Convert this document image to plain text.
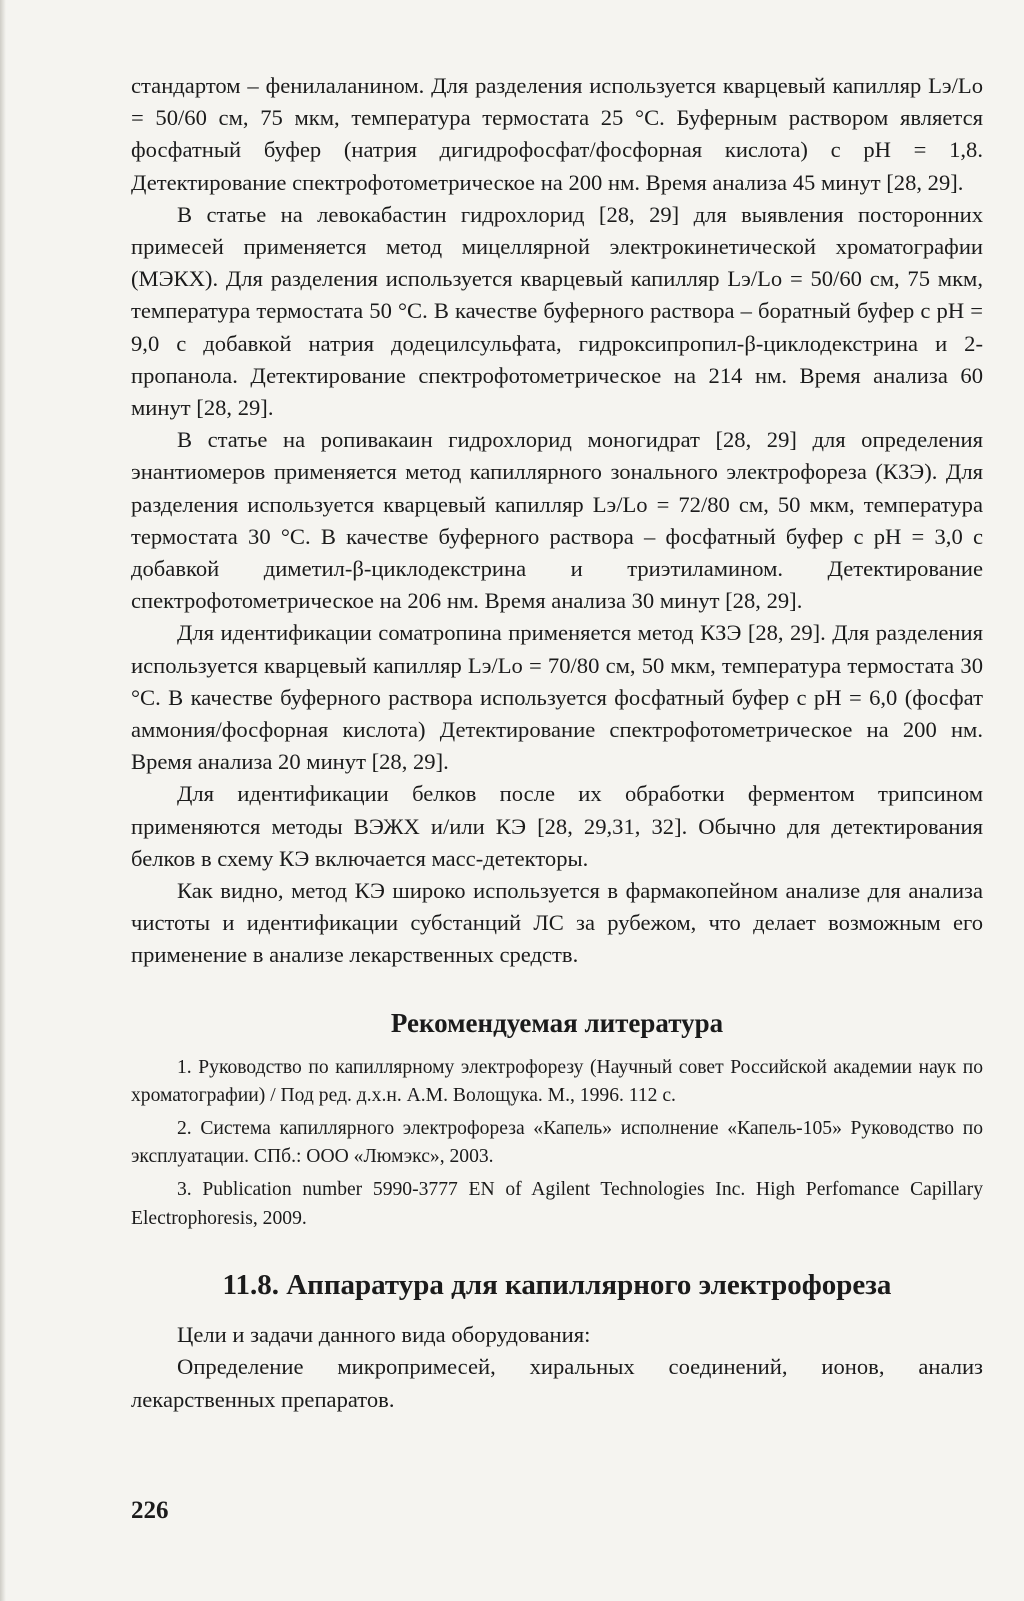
стандартом – фенилаланином. Для разделения используется кварцевый капилляр Lэ/Lo = 50/60 см, 75 мкм, температура термостата 25 °С. Буферным раствором является фосфатный буфер (натрия дигидрофосфат/фосфорная кислота) с pH = 1,8. Детектирование спектрофотометрическое на 200 нм. Время анализа 45 минут [28, 29].

В статье на левокабастин гидрохлорид [28, 29] для выявления посторонних примесей применяется метод мицеллярной электрокинетической хроматографии (МЭКХ). Для разделения используется кварцевый капилляр Lэ/Lo = 50/60 см, 75 мкм, температура термостата 50 °С. В качестве буферного раствора – боратный буфер с pH = 9,0 с добавкой натрия додецилсульфата, гидроксипропил-β-циклодекстрина и 2-пропанола. Детектирование спектрофотометрическое на 214 нм. Время анализа 60 минут [28, 29].

В статье на ропивакаин гидрохлорид моногидрат [28, 29] для определения энантиомеров применяется метод капиллярного зонального электрофореза (КЗЭ). Для разделения используется кварцевый капилляр Lэ/Lo = 72/80 см, 50 мкм, температура термостата 30 °С. В качестве буферного раствора – фосфатный буфер с pH = 3,0 с добавкой диметил-β-циклодекстрина и триэтиламином. Детектирование спектрофотометрическое на 206 нм. Время анализа 30 минут [28, 29].

Для идентификации соматропина применяется метод КЗЭ [28, 29]. Для разделения используется кварцевый капилляр Lэ/Lo = 70/80 см, 50 мкм, температура термостата 30 °С. В качестве буферного раствора используется фосфатный буфер с pH = 6,0 (фосфат аммония/фосфорная кислота) Детектирование спектрофотометрическое на 200 нм. Время анализа 20 минут [28, 29].

Для идентификации белков после их обработки ферментом трипсином применяются методы ВЭЖХ и/или КЭ [28, 29,31, 32]. Обычно для детектирования белков в схему КЭ включается масс-детекторы.

Как видно, метод КЭ широко используется в фармакопейном анализе для анализа чистоты и идентификации субстанций ЛС за рубежом, что делает возможным его применение в анализе лекарственных средств.

Рекомендуемая литература
1. Руководство по капиллярному электрофорезу (Научный совет Российской академии наук по хроматографии) / Под ред. д.х.н. А.М. Волощука. М., 1996. 112 с.
2. Система капиллярного электрофореза «Капель» исполнение «Капель-105» Руководство по эксплуатации. СПб.: ООО «Люмэкс», 2003.
3. Publication number 5990-3777 EN of Agilent Technologies Inc. High Perfomance Capillary Electrophoresis, 2009.
11.8. Аппаратура для капиллярного электрофореза

Цели и задачи данного вида оборудования:

Определение микропримесей, хиральных соединений, ионов, анализ лекарственных препаратов.

226
